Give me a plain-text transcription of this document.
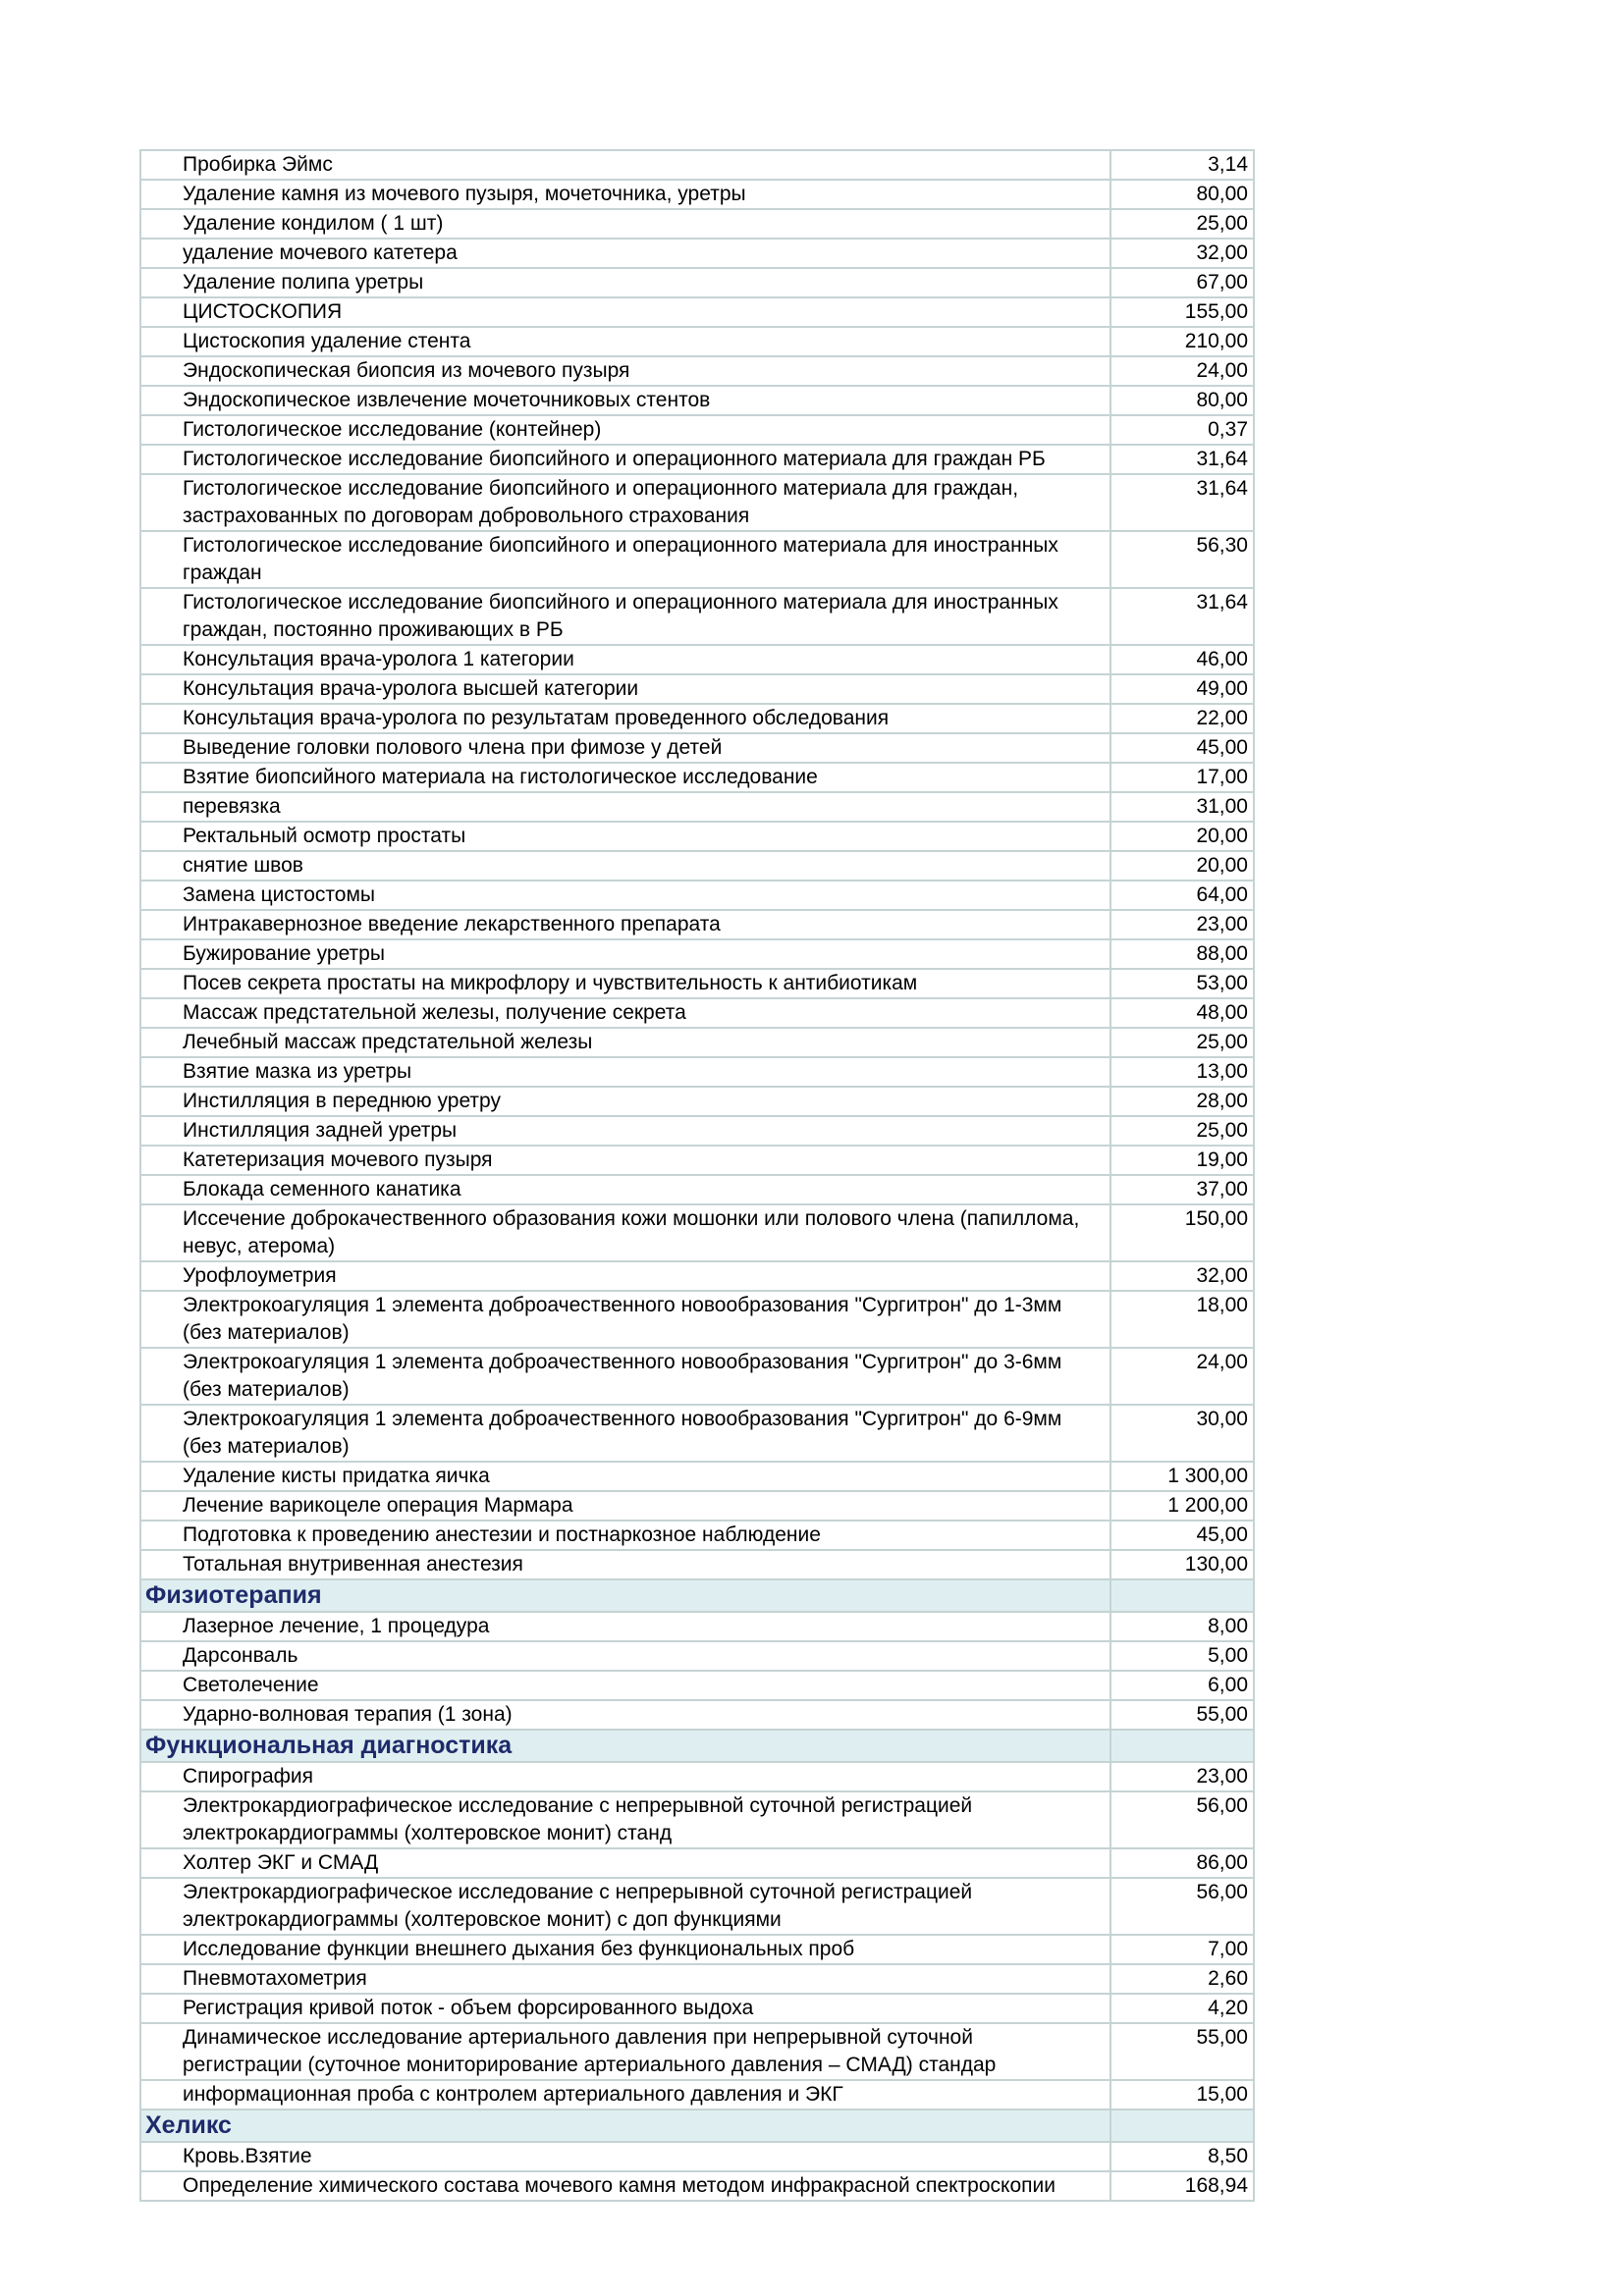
Пробирка Эймс	3,14
Удаление камня из мочевого пузыря, мочеточника, уретры	80,00
Удаление кондилом ( 1 шт)	25,00
удаление мочевого катетера	32,00
Удаление полипа уретры	67,00
ЦИСТОСКОПИЯ	155,00
Цистоскопия удаление стента	210,00
Эндоскопическая биопсия из мочевого пузыря	24,00
Эндоскопическое извлечение мочеточниковых стентов	80,00
Гистологическое исследование (контейнер)	0,37
Гистологическое исследование биопсийного и операционного материала для граждан РБ	31,64
Гистологическое исследование биопсийного и операционного материала для граждан, застрахованных по договорам добровольного страхования	31,64
Гистологическое исследование биопсийного и операционного материала для иностранных граждан	56,30
Гистологическое исследование биопсийного и операционного материала для иностранных граждан, постоянно проживающих в РБ	31,64
Консультация врача-уролога 1 категории	46,00
Консультация врача-уролога высшей категории	49,00
Консультация врача-уролога по результатам проведенного обследования	22,00
Выведение головки полового члена при фимозе у детей	45,00
Взятие биопсийного материала на гистологическое исследование	17,00
перевязка	31,00
Ректальный осмотр простаты	20,00
снятие швов	20,00
Замена цистостомы	64,00
Интракавернозное введение лекарственного препарата	23,00
Бужирование уретры	88,00
Посев секрета простаты на микрофлору и чувствительность к антибиотикам	53,00
Массаж предстательной железы, получение секрета	48,00
Лечебный массаж предстательной железы	25,00
Взятие мазка из уретры	13,00
Инстилляция в переднюю уретру	28,00
Инстилляция задней уретры	25,00
Катетеризация мочевого пузыря	19,00
Блокада семенного канатика	37,00
Иссечение доброкачественного образования кожи мошонки или полового члена (папиллома, невус, атерома)	150,00
Урофлоуметрия	32,00
Электрокоагуляция 1 элемента доброачественного новообразования "Сургитрон" до 1-3мм (без материалов)	18,00
Электрокоагуляция 1 элемента доброачественного новообразования "Сургитрон" до 3-6мм (без материалов)	24,00
Электрокоагуляция 1 элемента доброачественного новообразования "Сургитрон" до 6-9мм (без материалов)	30,00
Удаление кисты придатка яичка	1 300,00
Лечение варикоцеле операция Мармара	1 200,00
Подготовка к проведению анестезии и постнаркозное наблюдение	45,00
Тотальная внутривенная анестезия	130,00
Физиотерапия	
Лазерное лечение, 1 процедура	8,00
Дарсонваль	5,00
Светолечение	6,00
Ударно-волновая терапия (1 зона)	55,00
Функциональная диагностика	
Спирография	23,00
Электрокардиографическое исследование с непрерывной суточной регистрацией электрокардиограммы (холтеровское монит) станд	56,00
Холтер ЭКГ и СМАД	86,00
Электрокардиографическое исследование с непрерывной суточной регистрацией электрокардиограммы (холтеровское монит) с доп функциями	56,00
Исследование функции внешнего дыхания без функциональных проб	7,00
Пневмотахометрия	2,60
Регистрация кривой поток - объем форсированного выдоха	4,20
Динамическое исследование артериального давления при непрерывной суточной регистрации (суточное мониторирование артериального давления – СМАД) стандар	55,00
информационная проба с контролем артериального давления и ЭКГ	15,00
Хеликс	
Кровь.Взятие	8,50
Определение химического состава мочевого камня методом инфракрасной спектроскопии	168,94
